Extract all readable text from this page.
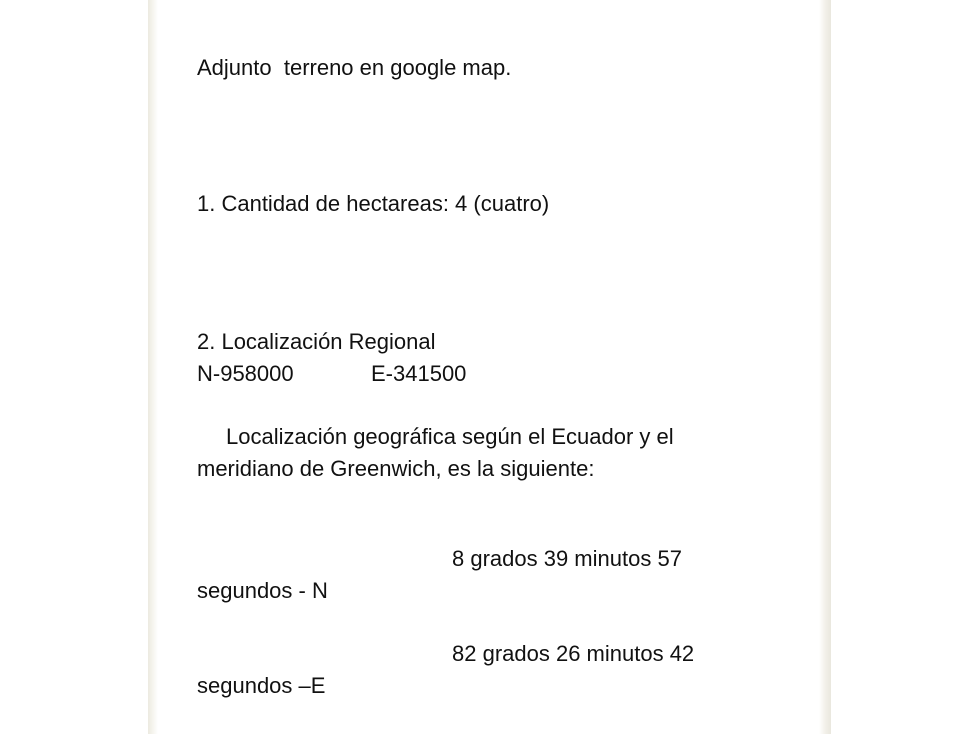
Adjunto  terreno en google map.

1. Cantidad de hectareas: 4 (cuatro)

2. Localización Regional

N-958000	E-341500

Localización geográfica según el Ecuador y el

meridiano de Greenwich, es la siguiente:

8 grados 39 minutos 57

segundos - N

82 grados 26 minutos 42

segundos –E
